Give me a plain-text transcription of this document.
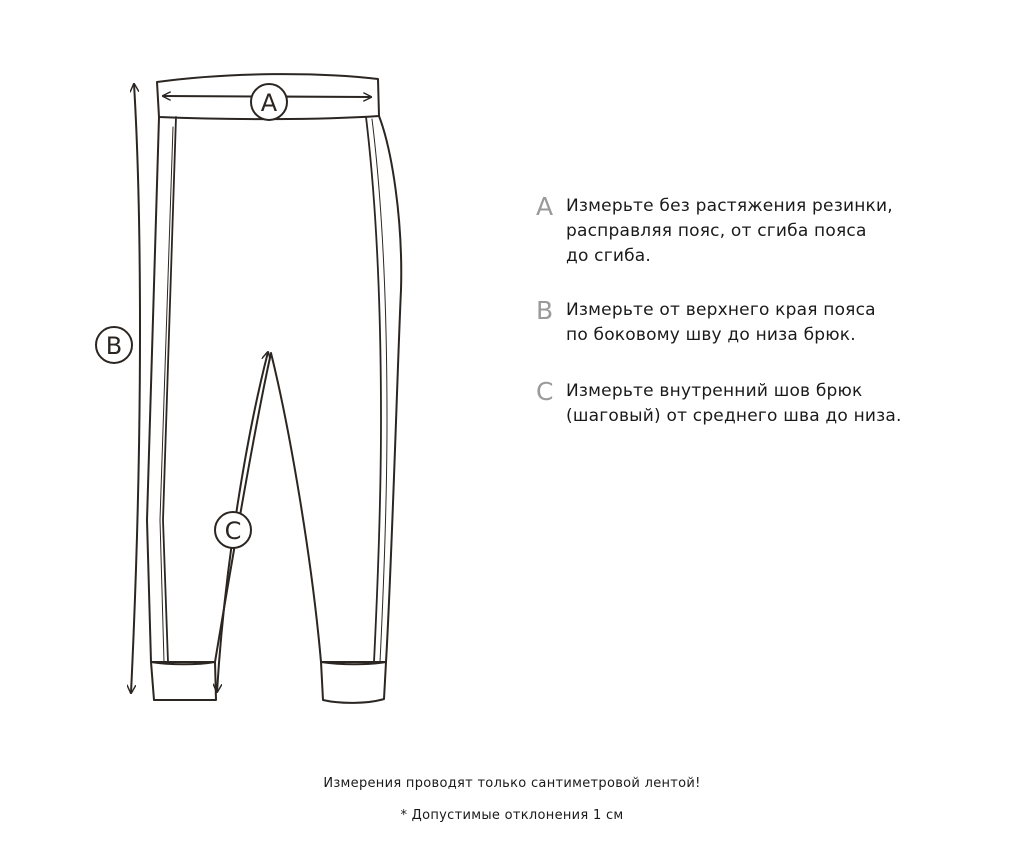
A
B
C
A Измерьте без растяжения резинки,
расправляя пояс, от сгиба пояса
до сгиба.
B Измерьте от верхнего края пояса
по боковому шву до низа брюк.
C Измерьте внутренний шов брюк
(шаговый) от среднего шва до низа.
Измерения проводят только сантиметровой лентой!
* Допустимые отклонения 1 см
